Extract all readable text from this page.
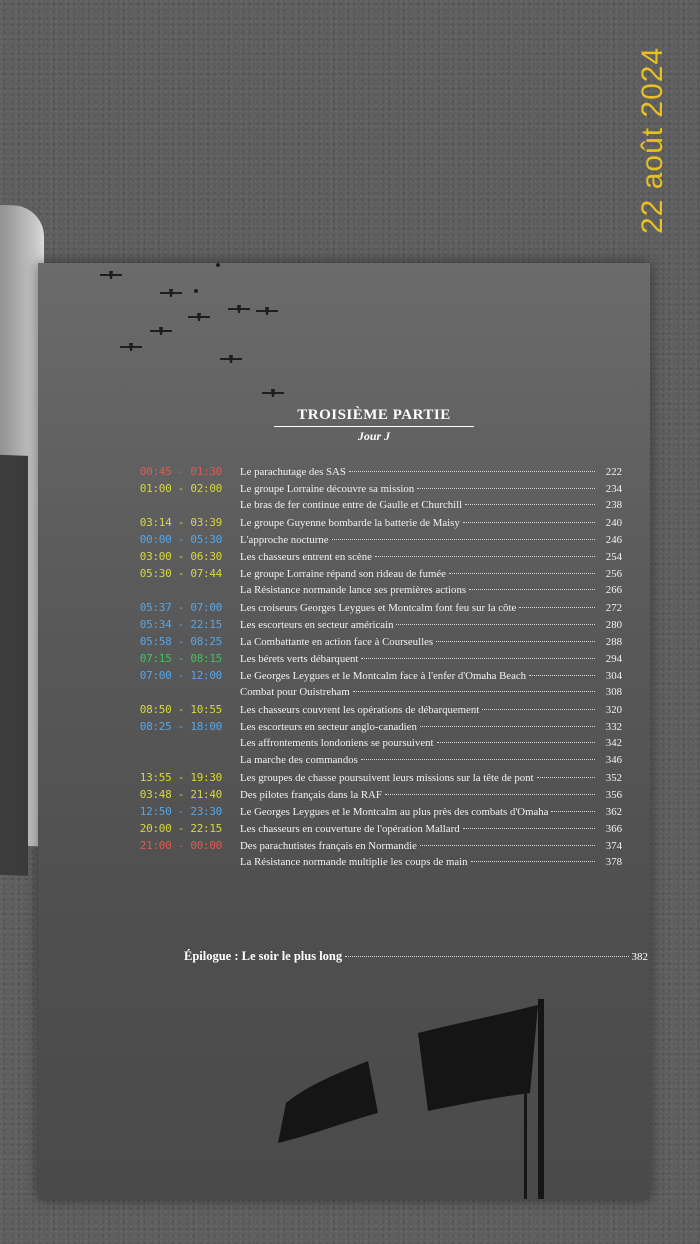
TROISIÈME PARTIE
Jour J
00:45 - 01:30	Le parachutage des SAS	222
01:00 - 02:00	Le groupe Lorraine découvre sa mission	234
Le bras de fer continue entre de Gaulle et Churchill	238
03:14 - 03:39	Le groupe Guyenne bombarde la batterie de Maisy	240
00:00 - 05:30	L'approche nocturne	246
03:00 - 06:30	Les chasseurs entrent en scène	254
05:30 - 07:44	Le groupe Lorraine répand son rideau de fumée	256
La Résistance normande lance ses premières actions	266
05:37 - 07:00	Les croiseurs Georges Leygues et Montcalm font feu sur la côte	272
05:34 - 22:15	Les escorteurs en secteur américain	280
05:58 - 08:25	La Combattante en action face à Courseulles	288
07:15 - 08:15	Les bérets verts débarquent	294
07:00 - 12:00	Le Georges Leygues et le Montcalm face à l'enfer d'Omaha Beach	304
Combat pour Ouistreham	308
08:50 - 10:55	Les chasseurs couvrent les opérations de débarquement	320
08:25 - 18:00	Les escorteurs en secteur anglo-canadien	332
Les affrontements londoniens se poursuivent	342
La marche des commandos	346
13:55 - 19:30	Les groupes de chasse poursuivent leurs missions sur la tête de pont	352
03:48 - 21:40	Des pilotes français dans la RAF	356
12:50 - 23:30	Le Georges Leygues et le Montcalm au plus près des combats d'Omaha	362
20:00 - 22:15	Les chasseurs en couverture de l'opération Mallard	366
21:00 - 00:00	Des parachutistes français en Normandie	374
La Résistance normande multiplie les coups de main	378
Épilogue : Le soir le plus long	382
22 août 2024
